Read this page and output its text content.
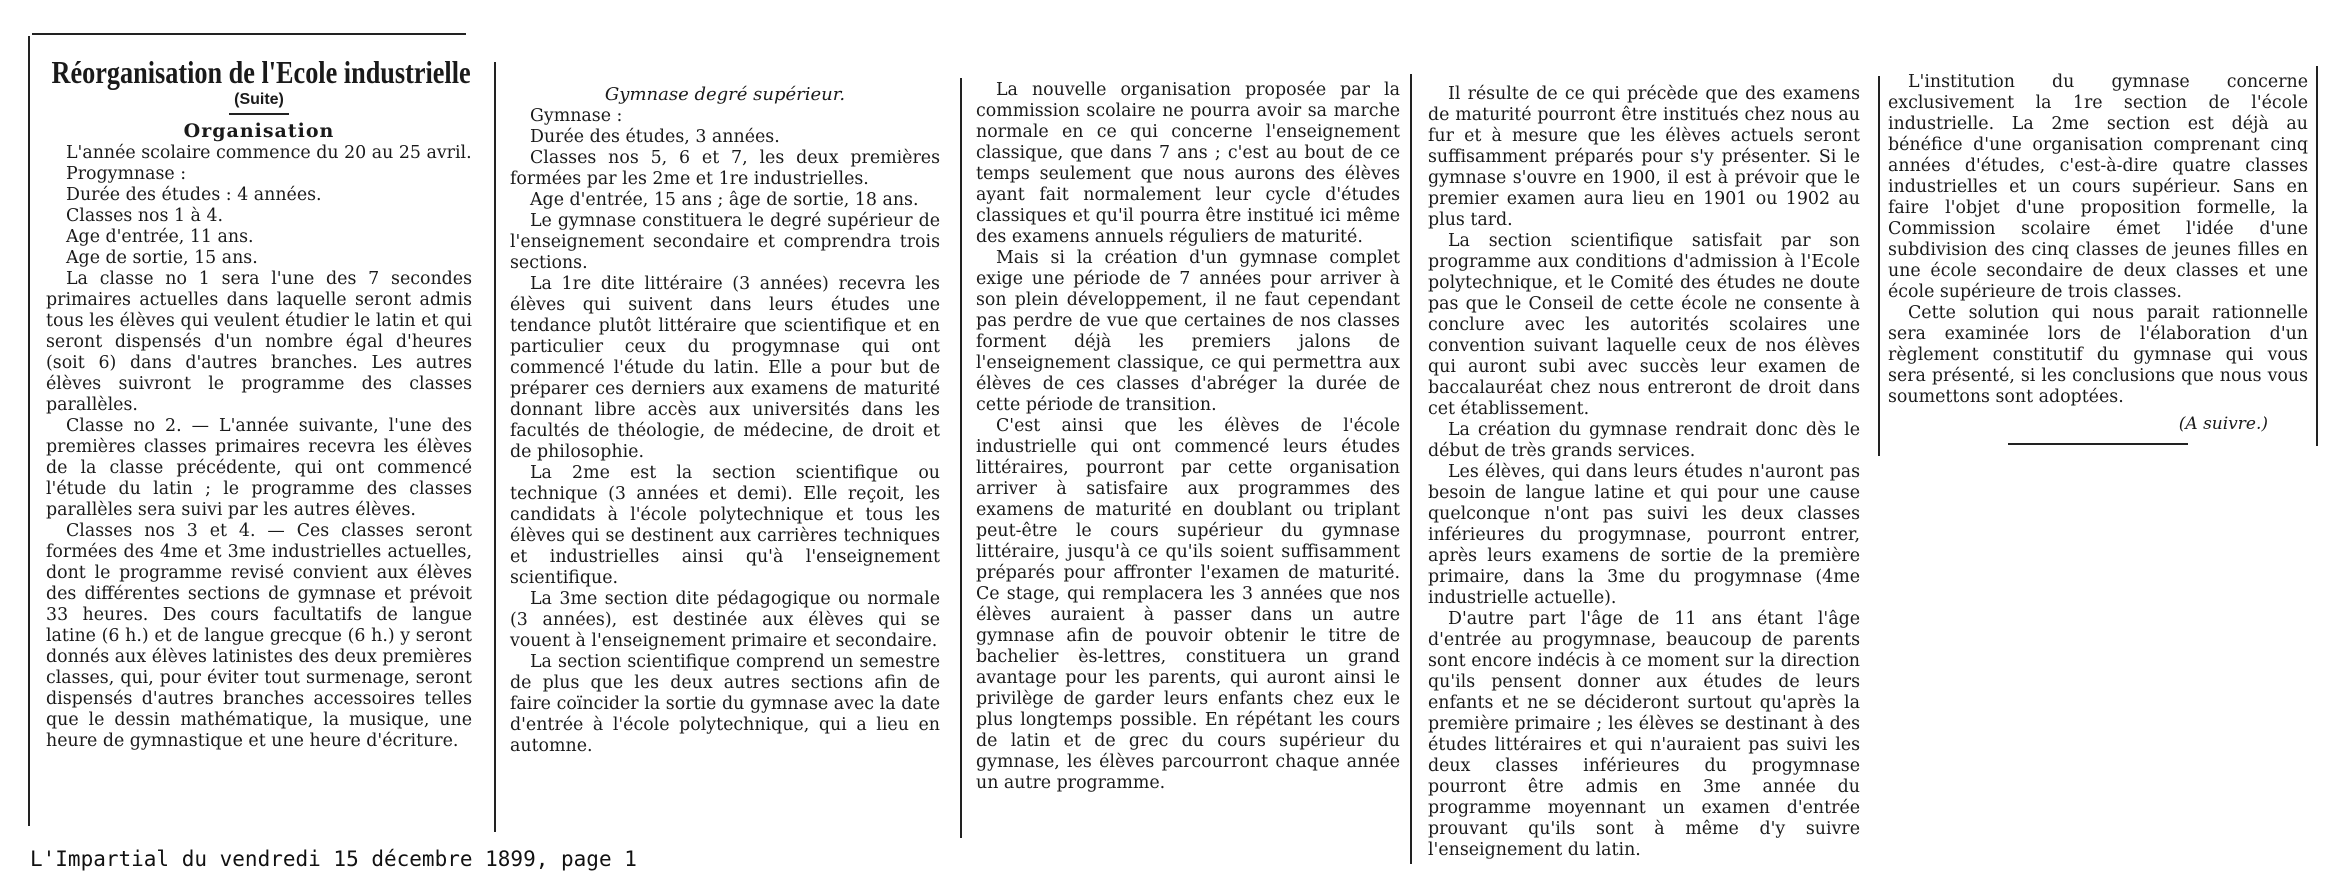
Réorganisation de l'Ecole industrielle
(Suite)
Organisation

L'année scolaire commence du 20 au 25 avril.

Progymnase :

Durée des études : 4 années.

Classes nos 1 à 4.

Age d'entrée, 11 ans.

Age de sortie, 15 ans.

La classe no 1 sera l'une des 7 secondes primaires actuelles dans laquelle seront admis tous les élèves qui veulent étudier le latin et qui seront dispensés d'un nombre égal d'heures (soit 6) dans d'autres branches. Les autres élèves suivront le programme des classes parallèles.

Classe no 2. — L'année suivante, l'une des premières classes primaires recevra les élèves de la classe précédente, qui ont commencé l'étude du latin ; le programme des classes parallèles sera suivi par les autres élèves.

Classes nos 3 et 4. — Ces classes seront formées des 4me et 3me industrielles actuelles, dont le programme revisé convient aux élèves des différentes sections de gymnase et prévoit 33 heures. Des cours facultatifs de langue latine (6 h.) et de langue grecque (6 h.) y seront donnés aux élèves latinistes des deux premières classes, qui, pour éviter tout surmenage, seront dispensés d'autres branches accessoires telles que le dessin mathématique, la musique, une heure de gymnastique et une heure d'écriture.

Gymnase degré supérieur.

Gymnase :

Durée des études, 3 années.

Classes nos 5, 6 et 7, les deux premières formées par les 2me et 1re industrielles.

Age d'entrée, 15 ans ; âge de sortie, 18 ans.

Le gymnase constituera le degré supérieur de l'enseignement secondaire et comprendra trois sections.

La 1re dite littéraire (3 années) recevra les élèves qui suivent dans leurs études une tendance plutôt littéraire que scientifique et en particulier ceux du progymnase qui ont commencé l'étude du latin. Elle a pour but de préparer ces derniers aux examens de maturité donnant libre accès aux universités dans les facultés de théologie, de médecine, de droit et de philosophie.

La 2me est la section scientifique ou technique (3 années et demi). Elle reçoit, les candidats à l'école polytechnique et tous les élèves qui se destinent aux carrières techniques et industrielles ainsi qu'à l'enseignement scientifique.

La 3me section dite pédagogique ou normale (3 années), est destinée aux élèves qui se vouent à l'enseignement primaire et secondaire.

La section scientifique comprend un semestre de plus que les deux autres sections afin de faire coïncider la sortie du gymnase avec la date d'entrée à l'école polytechnique, qui a lieu en automne.

La nouvelle organisation proposée par la commission scolaire ne pourra avoir sa marche normale en ce qui concerne l'enseignement classique, que dans 7 ans ; c'est au bout de ce temps seulement que nous aurons des élèves ayant fait normalement leur cycle d'études classiques et qu'il pourra être institué ici même des examens annuels réguliers de maturité.

Mais si la création d'un gymnase complet exige une période de 7 années pour arriver à son plein développement, il ne faut cependant pas perdre de vue que certaines de nos classes forment déjà les premiers jalons de l'enseignement classique, ce qui permettra aux élèves de ces classes d'abréger la durée de cette période de transition.

C'est ainsi que les élèves de l'école industrielle qui ont commencé leurs études littéraires, pourront par cette organisation arriver à satisfaire aux programmes des examens de maturité en doublant ou triplant peut-être le cours supérieur du gymnase littéraire, jusqu'à ce qu'ils soient suffisamment préparés pour affronter l'examen de maturité. Ce stage, qui remplacera les 3 années que nos élèves auraient à passer dans un autre gymnase afin de pouvoir obtenir le titre de bachelier ès-lettres, constituera un grand avantage pour les parents, qui auront ainsi le privilège de garder leurs enfants chez eux le plus longtemps possible. En répétant les cours de latin et de grec du cours supérieur du gymnase, les élèves parcourront chaque année un autre programme.

Il résulte de ce qui précède que des examens de maturité pourront être institués chez nous au fur et à mesure que les élèves actuels seront suffisamment préparés pour s'y présenter. Si le gymnase s'ouvre en 1900, il est à prévoir que le premier examen aura lieu en 1901 ou 1902 au plus tard.

La section scientifique satisfait par son programme aux conditions d'admission à l'Ecole polytechnique, et le Comité des études ne doute pas que le Conseil de cette école ne consente à conclure avec les autorités scolaires une convention suivant laquelle ceux de nos élèves qui auront subi avec succès leur examen de baccalauréat chez nous entreront de droit dans cet établissement.

La création du gymnase rendrait donc dès le début de très grands services.

Les élèves, qui dans leurs études n'auront pas besoin de langue latine et qui pour une cause quelconque n'ont pas suivi les deux classes inférieures du progymnase, pourront entrer, après leurs examens de sortie de la première primaire, dans la 3me du progymnase (4me industrielle actuelle).

D'autre part l'âge de 11 ans étant l'âge d'entrée au progymnase, beaucoup de parents sont encore indécis à ce moment sur la direction qu'ils pensent donner aux études de leurs enfants et ne se décideront surtout qu'après la première primaire ; les élèves se destinant à des études littéraires et qui n'auraient pas suivi les deux classes inférieures du progymnase pourront être admis en 3me année du programme moyennant un examen d'entrée prouvant qu'ils sont à même d'y suivre l'enseignement du latin.

L'institution du gymnase concerne exclusivement la 1re section de l'école industrielle. La 2me section est déjà au bénéfice d'une organisation comprenant cinq années d'études, c'est-à-dire quatre classes industrielles et un cours supérieur. Sans en faire l'objet d'une proposition formelle, la Commission scolaire émet l'idée d'une subdivision des cinq classes de jeunes filles en une école secondaire de deux classes et une école supérieure de trois classes.

Cette solution qui nous parait rationnelle sera examinée lors de l'élaboration d'un règlement constitutif du gymnase qui vous sera présenté, si les conclusions que nous vous soumettons sont adoptées.

(A suivre.)
L'Impartial du vendredi 15 décembre 1899, page 1
